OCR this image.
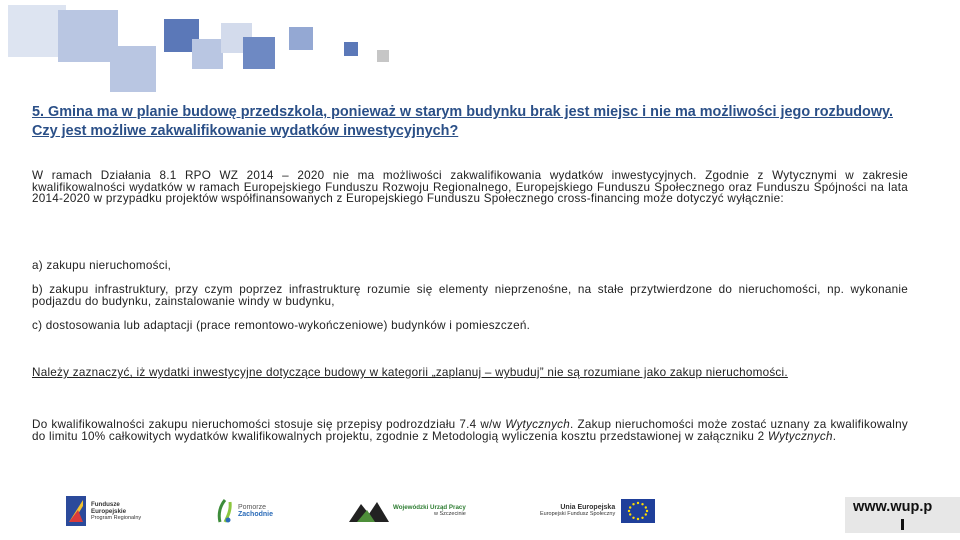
5. Gmina ma w planie budowę przedszkola, ponieważ w starym budynku brak jest miejsc i nie ma możliwości jego rozbudowy. Czy jest możliwe zakwalifikowanie wydatków inwestycyjnych?
W ramach Działania 8.1 RPO WZ 2014 – 2020 nie ma możliwości zakwalifikowania wydatków inwestycyjnych. Zgodnie z Wytycznymi w zakresie kwalifikowalności wydatków w ramach Europejskiego Funduszu Rozwoju Regionalnego, Europejskiego Funduszu Społecznego oraz Funduszu Spójności na lata 2014-2020 w przypadku projektów współfinansowanych z Europejskiego Funduszu Społecznego cross-financing może dotyczyć wyłącznie:
a) zakupu nieruchomości,
b) zakupu infrastruktury, przy czym poprzez infrastrukturę rozumie się elementy nieprzenośne, na stałe przytwierdzone do nieruchomości, np. wykonanie podjazdu do budynku, zainstalowanie windy w budynku,
c) dostosowania lub adaptacji (prace remontowo-wykończeniowe) budynków i pomieszczeń.
Należy zaznaczyć, iż wydatki inwestycyjne dotyczące budowy w kategorii „zaplanuj – wybuduj” nie są rozumiane jako zakup nieruchomości.
Do kwalifikowalności zakupu nieruchomości stosuje się przepisy podrozdziału 7.4 w/w Wytycznych. Zakup nieruchomości może zostać uznany za kwalifikowalny do limitu 10% całkowitych wydatków kwalifikowalnych projektu, zgodnie z Metodologią wyliczenia kosztu przedstawionej w załączniku 2 Wytycznych.
Fundusze
Europejskie
Program Regionalny
Pomorze
Zachodnie
Wojewódzki Urząd Pracy
w Szczecinie
Unia Europejska
Europejski Fundusz Społeczny	www.wup.p
